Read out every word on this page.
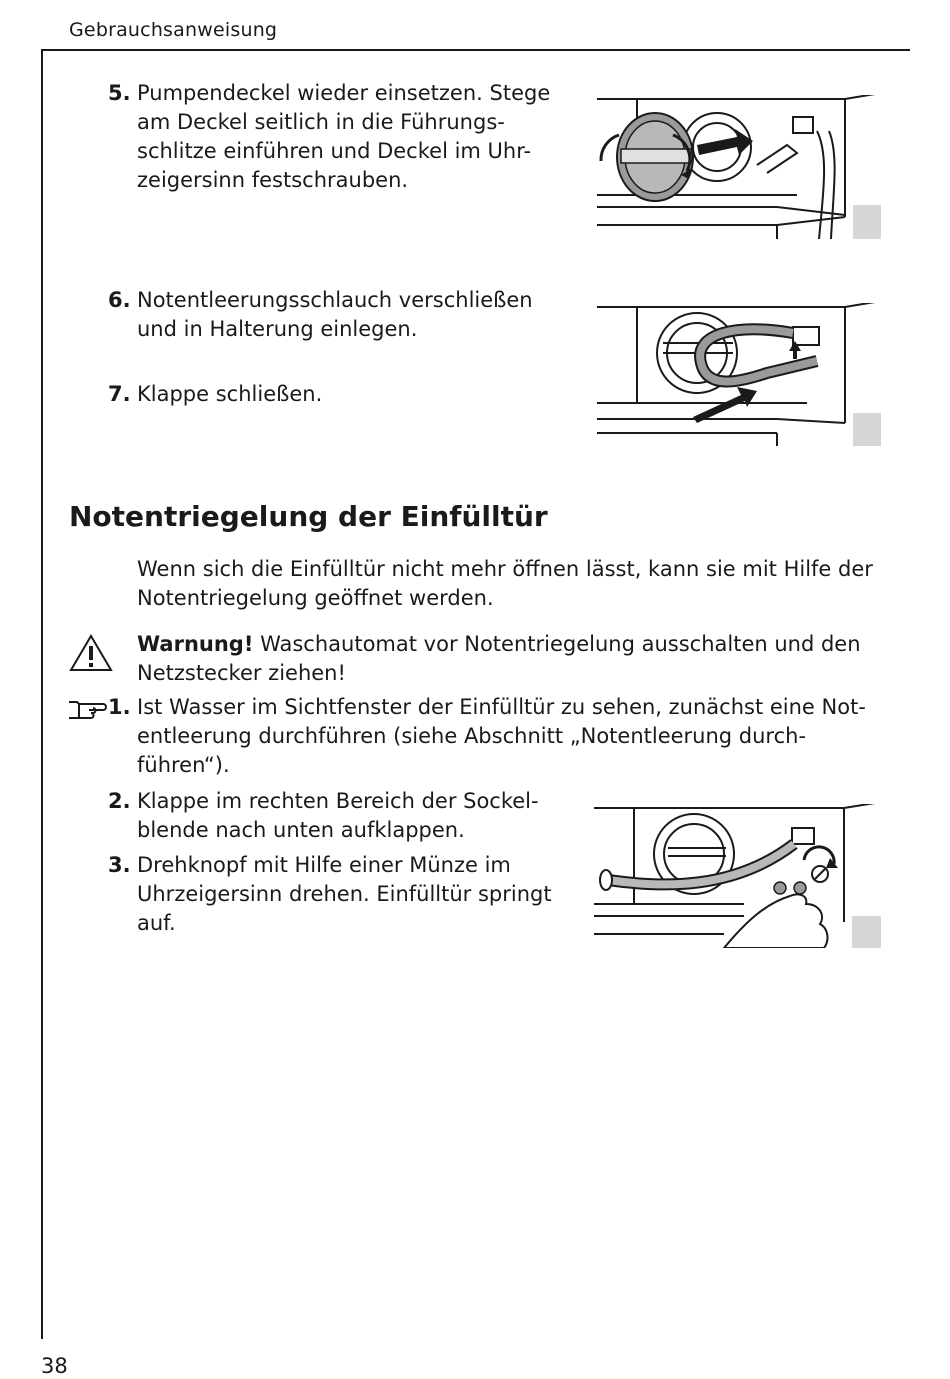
Gebrauchsanweisung
38
5. Pumpendeckel wieder einsetzen. Stege
am Deckel seitlich in die Führungs-
schlitze einführen und Deckel im Uhr-
zeigersinn festschrauben.
6. Notentleerungsschlauch verschließen
und in Halterung einlegen.
7. Klappe schließen.
Notentriegelung der Einfülltür
Wenn sich die Einfülltür nicht mehr öffnen lässt, kann sie mit Hilfe der
Notentriegelung geöffnet werden.
Warnung! Waschautomat vor Notentriegelung ausschalten und den
Netzstecker ziehen!
1. Ist Wasser im Sichtfenster der Einfülltür zu sehen, zunächst eine Not-
entleerung durchführen (siehe Abschnitt „Notentleerung durch-
führen“).
2. Klappe im rechten Bereich der Sockel-
blende nach unten aufklappen.
3. Drehknopf mit Hilfe einer Münze im
Uhrzeigersinn drehen. Einfülltür springt
auf.
